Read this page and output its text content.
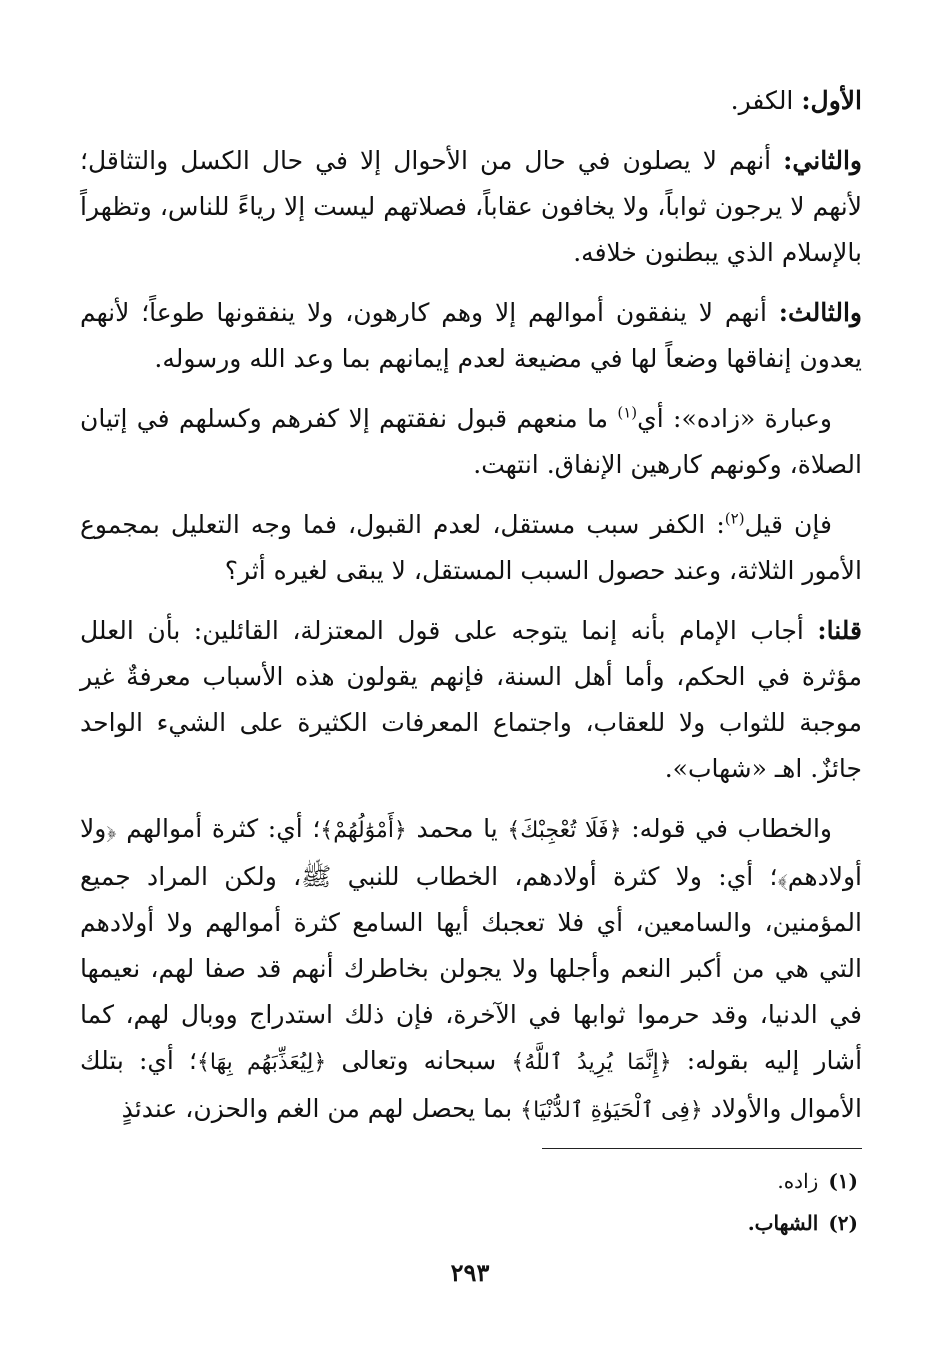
الأول: الكفر.

والثاني: أنهم لا يصلون في حال من الأحوال إلا في حال الكسل والتثاقل؛ لأنهم لا يرجون ثواباً، ولا يخافون عقاباً، فصلاتهم ليست إلا رياءً للناس، وتظهراً بالإسلام الذي يبطنون خلافه.

والثالث: أنهم لا ينفقون أموالهم إلا وهم كارهون، ولا ينفقونها طوعاً؛ لأنهم يعدون إنفاقها وضعاً لها في مضيعة لعدم إيمانهم بما وعد الله ورسوله.

وعبارة «زاده»: أي$^{(١)}$ ما منعهم قبول نفقتهم إلا كفرهم وكسلهم في إتيان الصلاة، وكونهم كارهين الإنفاق. انتهت.

فإن قيل$^{(٢)}$: الكفر سبب مستقل، لعدم القبول، فما وجه التعليل بمجموع الأمور الثلاثة، وعند حصول السبب المستقل، لا يبقى لغيره أثر؟

قلنا: أجاب الإمام بأنه إنما يتوجه على قول المعتزلة، القائلين: بأن العلل مؤثرة في الحكم، وأما أهل السنة، فإنهم يقولون هذه الأسباب معرفةٌ غير موجبة للثواب ولا للعقاب، واجتماع المعرفات الكثيرة على الشيء الواحد جائزٌ. اهـ «شهاب».

والخطاب في قوله: ﴿فَلَا تُعْجِبْكَ﴾ يا محمد ﴿أَمْوَٰلُهُمْ﴾؛ أي: كثرة أموالهم ﴿ولا أولادهم﴾؛ أي: ولا كثرة أولادهم، الخطاب للنبي ﷺ، ولكن المراد جميع المؤمنين، والسامعين، أي فلا تعجبك أيها السامع كثرة أموالهم ولا أولادهم التي هي من أكبر النعم وأجلها ولا يجولن بخاطرك أنهم قد صفا لهم، نعيمها في الدنيا، وقد حرموا ثوابها في الآخرة، فإن ذلك استدراج ووبال لهم، كما أشار إليه بقوله: ﴿إِنَّمَا يُرِيدُ ٱللَّهُ﴾ سبحانه وتعالى ﴿لِيُعَذِّبَهُم بِهَا﴾؛ أي: بتلك الأموال والأولاد ﴿فِى ٱلْحَيَوٰةِ ٱلدُّنْيَا﴾ بما يحصل لهم من الغم والحزن، عندئذٍ

(١)زاده.
(٢)الشهاب.
٢٩٣
